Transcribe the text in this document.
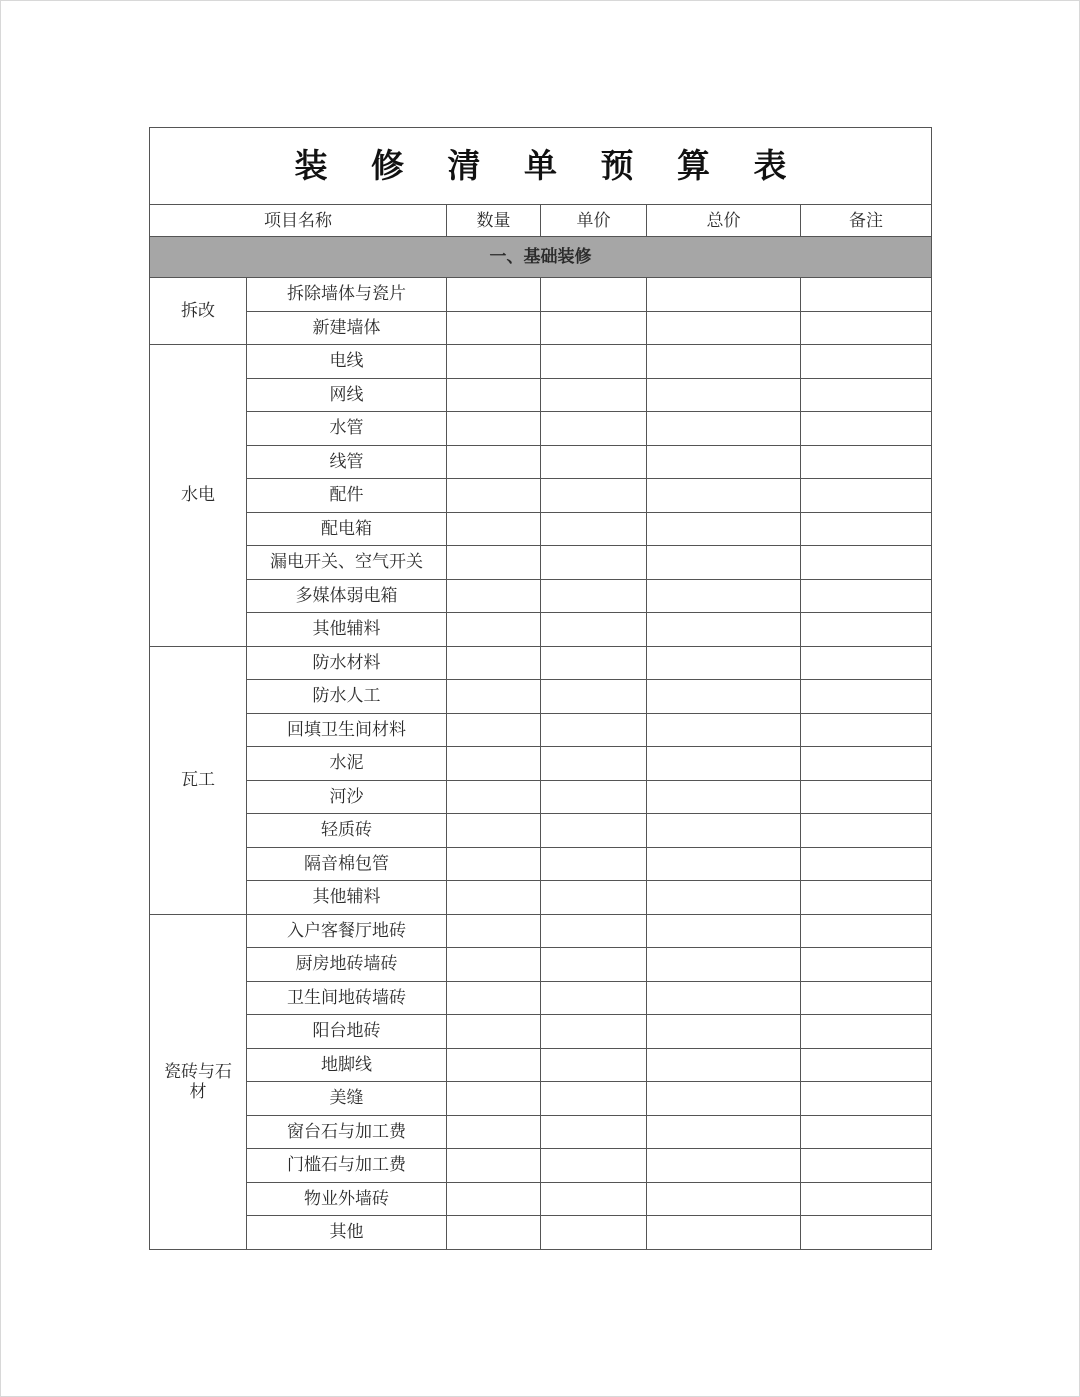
装 修 清 单 预 算 表					
项目名称		数量	单价	总价	备注
一、基础装修					
拆改	拆除墙体与瓷片				
	新建墙体				
水电	电线				
	网线				
	水管				
	线管				
	配件				
	配电箱				
	漏电开关、空气开关				
	多媒体弱电箱				
	其他辅料				
瓦工	防水材料				
	防水人工				
	回填卫生间材料				
	水泥				
	河沙				
	轻质砖				
	隔音棉包管				
	其他辅料				
瓷砖与石材	入户客餐厅地砖				
	厨房地砖墙砖				
	卫生间地砖墙砖				
	阳台地砖				
	地脚线				
	美缝				
	窗台石与加工费				
	门槛石与加工费				
	物业外墙砖				
	其他				
